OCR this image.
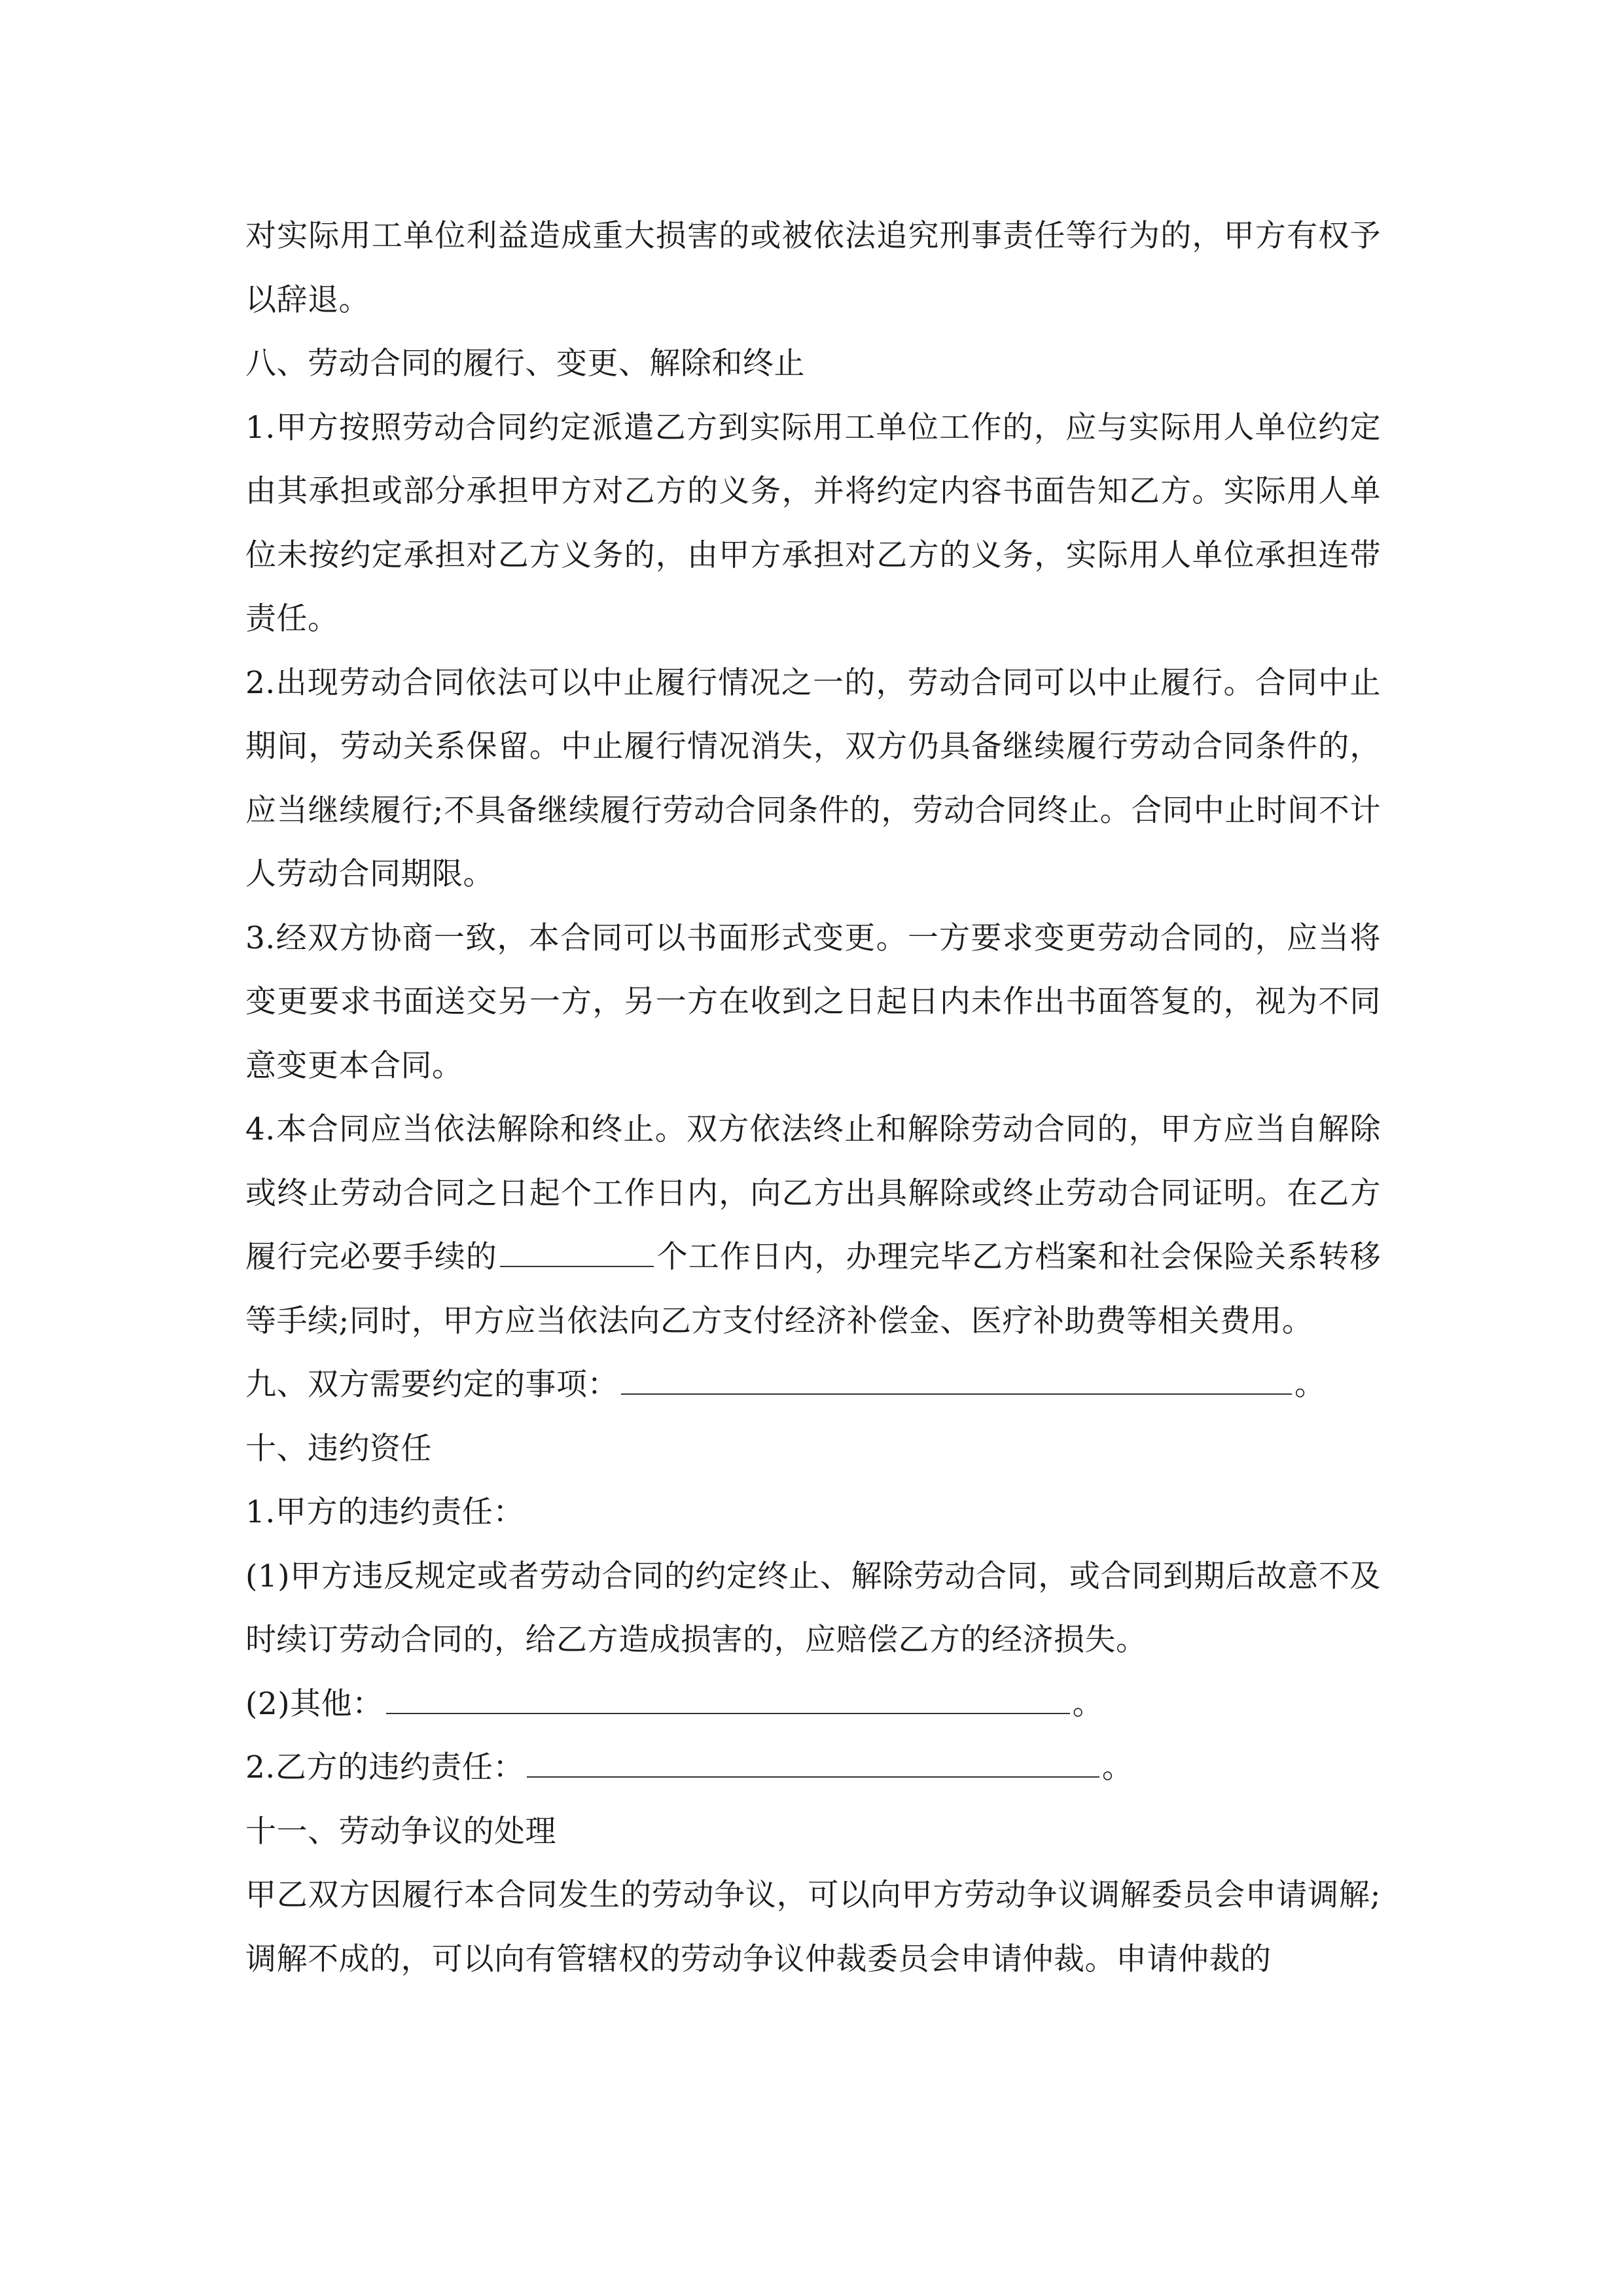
对实际用工单位利益造成重大损害的或被依法追究刑事责任等行为的，甲方有权予以辞退。

八、劳动合同的履行、变更、解除和终止

1.甲方按照劳动合同约定派遣乙方到实际用工单位工作的，应与实际用人单位约定由其承担或部分承担甲方对乙方的义务，并将约定内容书面告知乙方。实际用人单位未按约定承担对乙方义务的，由甲方承担对乙方的义务，实际用人单位承担连带责任。

2.出现劳动合同依法可以中止履行情况之一的，劳动合同可以中止履行。合同中止期间，劳动关系保留。中止履行情况消失，双方仍具备继续履行劳动合同条件的，应当继续履行;不具备继续履行劳动合同条件的，劳动合同终止。合同中止时间不计人劳动合同期限。

3.经双方协商一致，本合同可以书面形式变更。一方要求变更劳动合同的，应当将变更要求书面送交另一方，另一方在收到之日起日内未作出书面答复的，视为不同意变更本合同。

4.本合同应当依法解除和终止。双方依法终止和解除劳动合同的，甲方应当自解除或终止劳动合同之日起个工作日内，向乙方出具解除或终止劳动合同证明。在乙方履行完必要手续的	个工作日内，办理完毕乙方档案和社会保险关系转移等手续;同时，甲方应当依法向乙方支付经济补偿金、医疗补助费等相关费用。

九、双方需要约定的事项：	。

十、违约资任

1.甲方的违约责任：

(1)甲方违反规定或者劳动合同的约定终止、解除劳动合同，或合同到期后故意不及时续订劳动合同的，给乙方造成损害的，应赔偿乙方的经济损失。

(2)其他：	。

2.乙方的违约责任：	。

十一、劳动争议的处理

甲乙双方因履行本合同发生的劳动争议，可以向甲方劳动争议调解委员会申请调解;调解不成的，可以向有管辖权的劳动争议仲裁委员会申请仲裁。申请仲裁的
